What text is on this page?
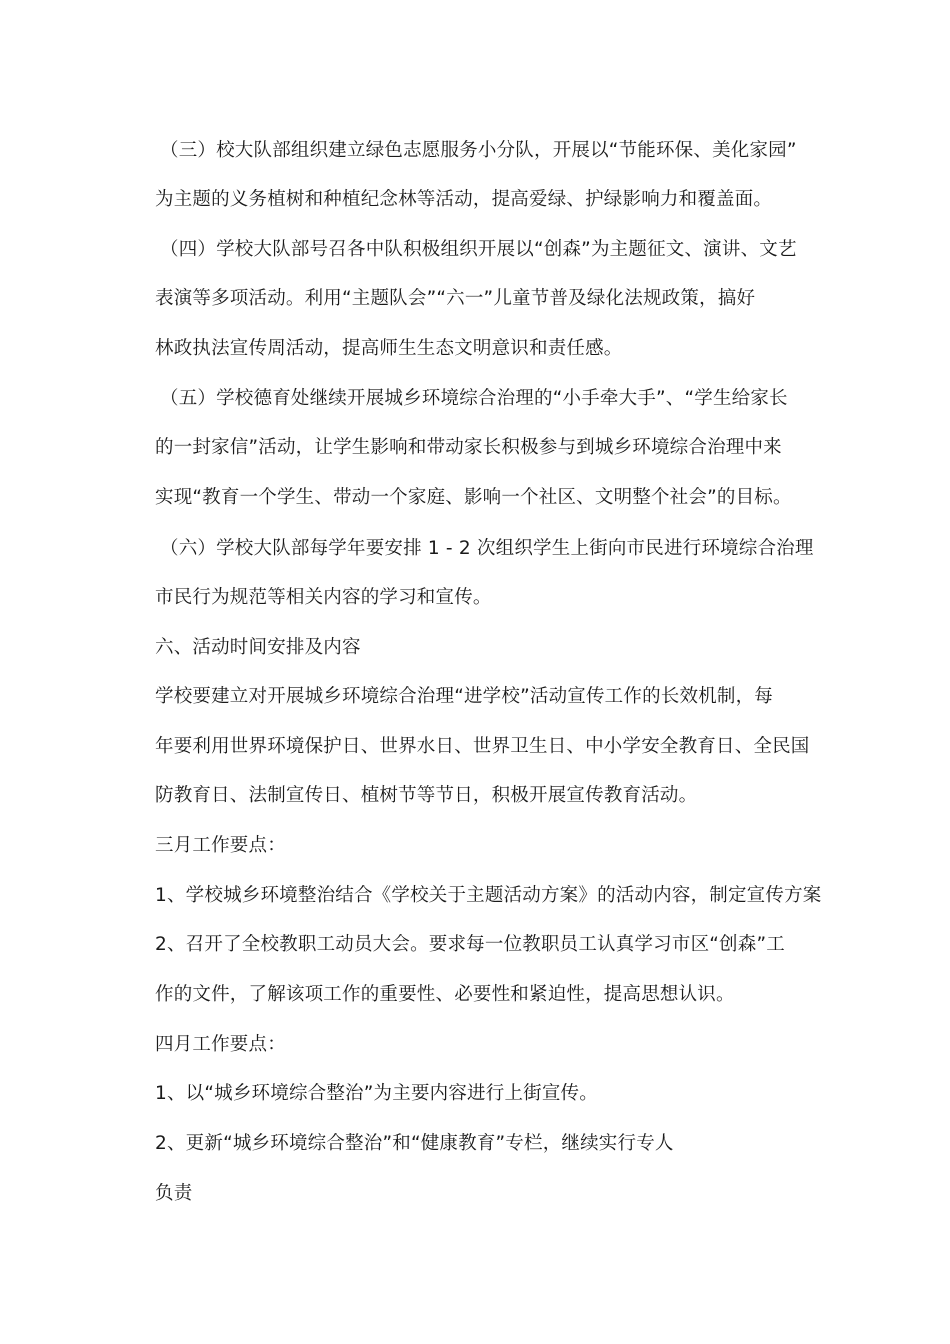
（三）校大队部组织建立绿色志愿服务小分队，开展以“节能环保、美化家园”
为主题的义务植树和种植纪念林等活动，提高爱绿、护绿影响力和覆盖面。
（四）学校大队部号召各中队积极组织开展以“创森”为主题征文、演讲、文艺
表演等多项活动。利用“主题队会”“六一”儿童节普及绿化法规政策，搞好
林政执法宣传周活动，提高师生生态文明意识和责任感。
（五）学校德育处继续开展城乡环境综合治理的“小手牵大手”、“学生给家长
的一封家信”活动，让学生影响和带动家长积极参与到城乡环境综合治理中来
实现“教育一个学生、带动一个家庭、影响一个社区、文明整个社会”的目标。
（六）学校大队部每学年要安排 1 - 2 次组织学生上街向市民进行环境综合治理
市民行为规范等相关内容的学习和宣传。
六、活动时间安排及内容
学校要建立对开展城乡环境综合治理“进学校”活动宣传工作的长效机制，每
年要利用世界环境保护日、世界水日、世界卫生日、中小学安全教育日、全民国
防教育日、法制宣传日、植树节等节日，积极开展宣传教育活动。
三月工作要点：
1、学校城乡环境整治结合《学校关于主题活动方案》的活动内容，制定宣传方案
2、召开了全校教职工动员大会。要求每一位教职员工认真学习市区“创森”工
作的文件，了解该项工作的重要性、必要性和紧迫性，提高思想认识。
四月工作要点：
1、以“城乡环境综合整治”为主要内容进行上街宣传。
2、更新“城乡环境综合整治”和“健康教育”专栏，继续实行专人
负责
